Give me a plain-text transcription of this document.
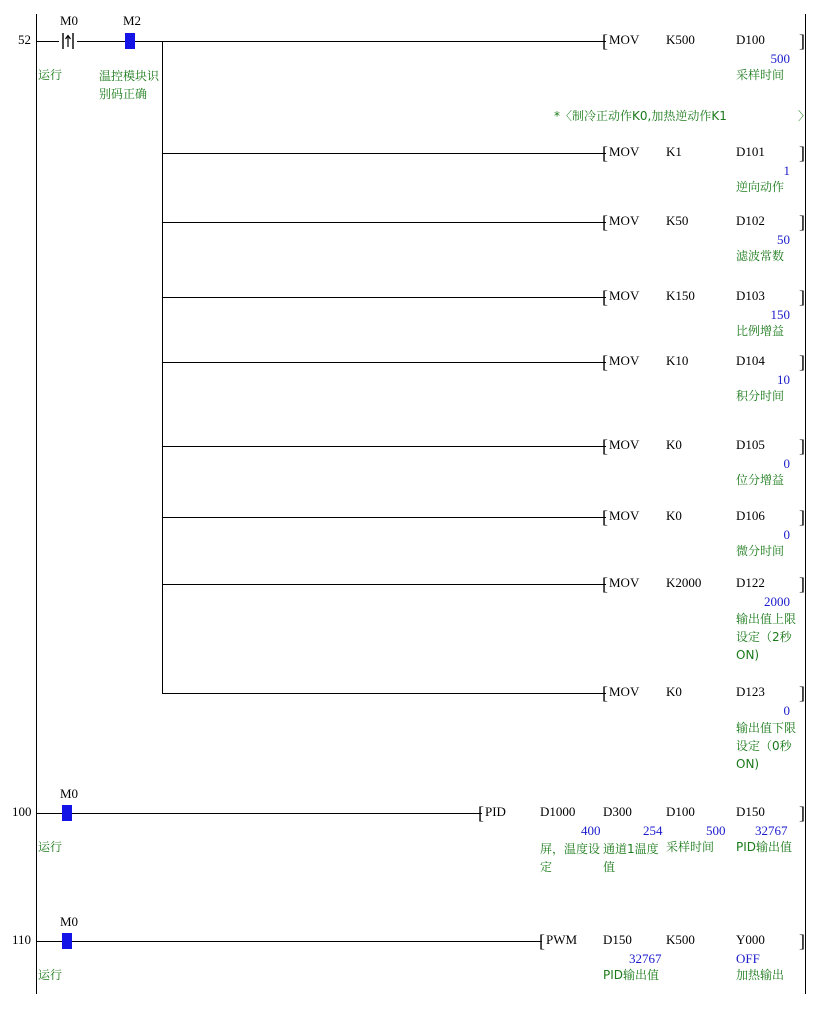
52
M0
运行
M2
温控模块识别码正确
[ MOV K500	D100 ]
500
采样时间
*〈制冷正动作K0,加热逆动作K1	〉
[ MOV K1	D101 ]
1
逆向动作
[ MOV K50	D102 ]
50
滤波常数
[ MOV K150	D103 ]
150
比例增益
[ MOV K10	D104 ]
10
积分时间
[ MOV K0	D105 ]
0
位分增益
[ MOV K0	D106 ]
0
微分时间
[ MOV K2000	D122 ]
2000
输出值上限设定（2秒ON)
[ MOV K0	D123 ]
0
输出值下限设定（0秒ON)
100
M0
运行
[ PID	D1000 D300	D100	D150 ]
400	254	500 32767
屏，温度设定
通道1温度值
采样时间 PID输出值
110
M0
运行
[ PWM D150	K500	Y000 ]
32767	OFF
PID输出值	加热输出
